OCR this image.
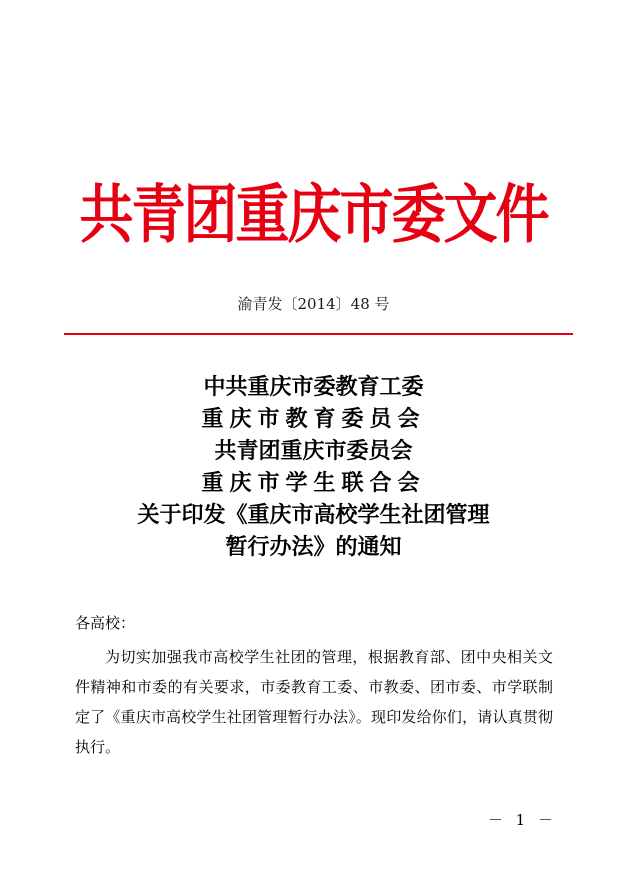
共青团重庆市委文件
渝青发〔2014〕48 号
中共重庆市委教育工委
重庆市教育委员会
共青团重庆市委员会
重庆市学生联合会
关于印发《重庆市高校学生社团管理
暂行办法》的通知
各高校：
为切实加强我市高校学生社团的管理，根据教育部、团中央相关文件精神和市委的有关要求，市委教育工委、市教委、团市委、市学联制定了《重庆市高校学生社团管理暂行办法》。现印发给你们，请认真贯彻执行。
－ 1 －
